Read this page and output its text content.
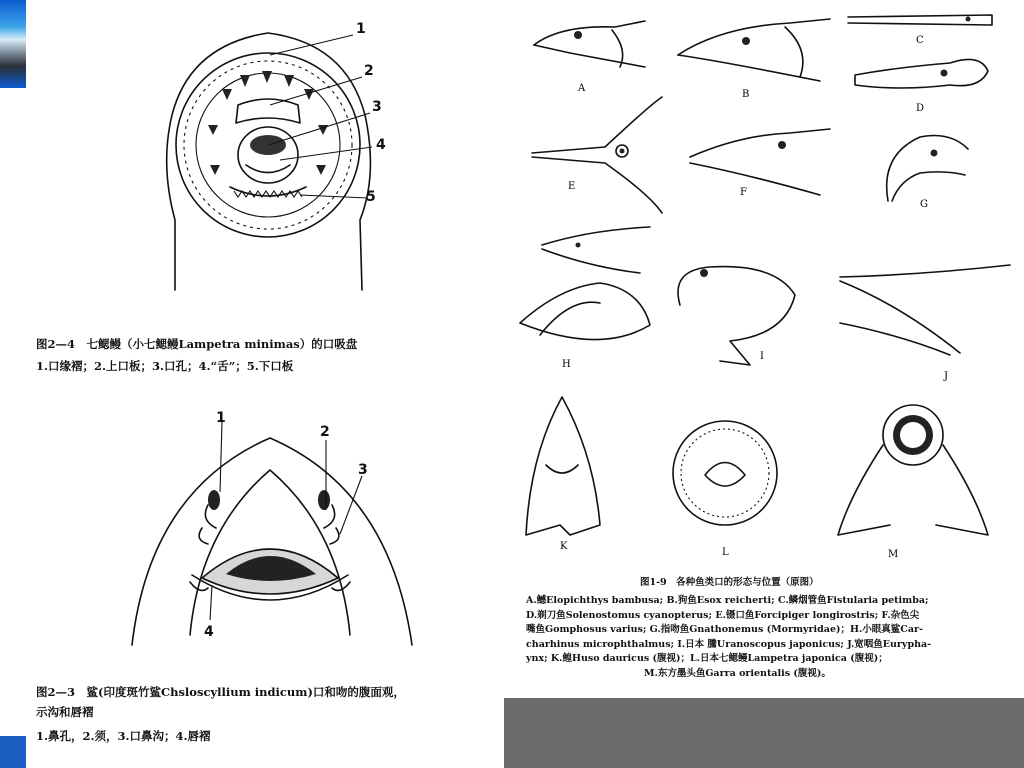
1
2
3
4
5
图2—4　七鳃鳗（小七鳃鳗Lampetra minimas）的口吸盘
1.口缘褶；2.上口板；3.口孔；4.“舌”；5.下口板
1
2
3
4
图2—3　鲨(印度斑竹鲨Chsloscyllium indicum)口和吻的腹面观，
示沟和唇褶
1.鼻孔，2.须，3.口鼻沟；4.唇褶
A
B
C
D
E
F
G
H
I
J
K
L	M
图1-9　各种鱼类口的形态与位置（原图）
A.鳡Elopichthys bambusa; B.狗鱼Esox reicherti; C.鳞烟管鱼Fistularia petimba;
D.剃刀鱼Solenostomus cyanopterus; E.镊口鱼Forcipiger longirostris; F.杂色尖
嘴鱼Gomphosus varius; G.指吻鱼Gnathonemus (Mormyridae)；H.小眼真鲨Car-
charhinus microphthalmus; I.日本 騰Uranoscopus japonicus; J.宽咽鱼Eurypha-
ynx; K.鳇Huso dauricus (腹视)；L.日本七鳃鳗Lampetra japonica (腹视)；
M.东方墨头鱼Garra orientalis (腹视)。
